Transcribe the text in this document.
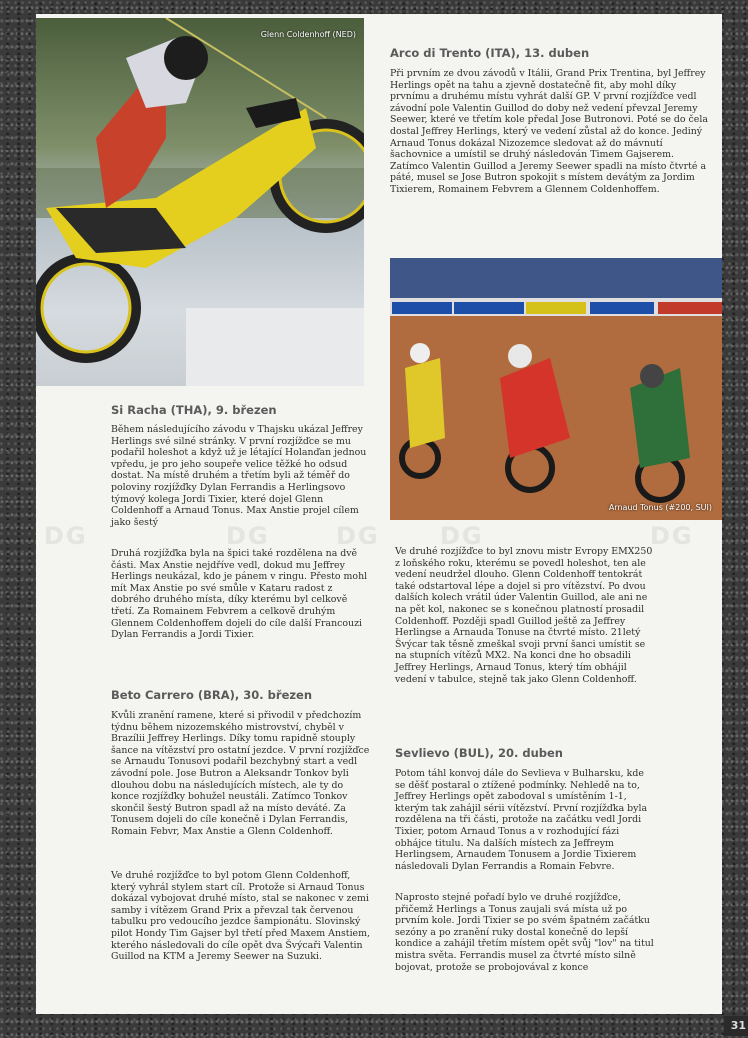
Glenn Coldenhoff (NED)
Arnaud Tonus (#200, SUI)
DG	DG	DG	DG	DG
Arco di Trento (ITA), 13. duben

Při prvním ze dvou závodů v Itálii, Grand Prix Trentina, byl Jeffrey Herlings opět na tahu a zjevně dostatečně fit, aby mohl díky prvnímu a druhému místu vyhrát další GP. V první rozjížďce vedl závodní pole Valentin Guillod do doby než vedení převzal Jeremy Seewer, které ve třetím kole předal Jose Butronovi. Poté se do čela dostal Jeffrey Herlings, který ve vedení zůstal až do konce. Jediný Arnaud Tonus dokázal Nizozemce sledovat až do mávnutí šachovnice a umístil se druhý následován Timem Gajserem. Zatímco Valentin Guillod a Jeremy Seewer spadli na místo čtvrté a páté, musel se Jose Butron spokojit s místem devátým za Jordim Tixierem, Romainem Febvrem a Glennem Coldenhoffem.

Si Racha (THA), 9. březen

Během následujícího závodu v Thajsku ukázal Jeffrey Herlings své silné stránky. V první rozjížďce se mu podařil holeshot a když už je létající Holanďan jednou vpředu, je pro jeho soupeře velice těžké ho odsud dostat. Na místě druhém a třetím byli až téměř do poloviny rozjížďky Dylan Ferrandis a Herlingsovo týmový kolega Jordi Tixier, které dojel Glenn Coldenhoff a Arnaud Tonus. Max Anstie projel cílem jako šestý

Druhá rozjížďka byla na špici také rozdělena na dvě části. Max Anstie nejdříve vedl, dokud mu Jeffrey Herlings neukázal, kdo je pánem v ringu. Přesto mohl mít Max Anstie po své smůle v Kataru radost z dobrého druhého místa, díky kterému byl celkově třetí. Za Romainem Febvrem a celkově druhým Glennem Coldenhoffem dojeli do cíle další Francouzi Dylan Ferrandis a Jordi Tixier.

Beto Carrero (BRA), 30. březen

Kvůli zranění ramene, které si přivodil v předchozím týdnu během nizozemského mistrovství, chyběl v Brazílii Jeffrey Herlings. Díky tomu rapidně stouply šance na vítězství pro ostatní jezdce. V první rozjížďce se Arnaudu Tonusovi podařil bezchybný start a vedl závodní pole. Jose Butron a Aleksandr Tonkov byli dlouhou dobu na následujících místech, ale ty do konce rozjížďky bohužel neustáli. Zatímco Tonkov skončil šestý Butron spadl až na místo deváté. Za Tonusem dojeli do cíle konečně i Dylan Ferrandis, Romain Febvr, Max Anstie a Glenn Coldenhoff.

Ve druhé rozjížďce to byl potom Glenn Coldenhoff, který vyhrál stylem start cíl. Protože si Arnaud Tonus dokázal vybojovat druhé místo, stal se nakonec v zemi samby i vítězem Grand Prix a převzal tak červenou tabulku pro vedoucího jezdce šampionátu. Slovinský pilot Hondy Tim Gajser byl třetí před Maxem Anstiem, kterého následovali do cíle opět dva Švýcaři Valentin Guillod na KTM a Jeremy Seewer na Suzuki.

Ve druhé rozjížďce to byl znovu mistr Evropy EMX250 z loňského roku, kterému se povedl holeshot, ten ale vedení neudržel dlouho. Glenn Coldenhoff tentokrát také odstartoval lépe a dojel si pro vítězství. Po dvou dalších kolech vrátil úder Valentin Guillod, ale ani ne na pět kol, nakonec se s konečnou platností prosadil Coldenhoff. Později spadl Guillod ještě za Jeffrey Herlingse a Arnauda Tonuse na čtvrté místo. 21letý Švýcar tak těsně zmeškal svoji první šanci umístit se na stupních vítězů MX2. Na konci dne ho obsadili Jeffrey Herlings, Arnaud Tonus, který tím obhájil vedení v tabulce, stejně tak jako Glenn Coldenhoff.

Sevlievo (BUL), 20. duben

Potom táhl konvoj dále do Sevlieva v Bulharsku, kde se děšť postaral o ztížené podmínky. Nehledě na to, Jeffrey Herlings opět zabodoval s umístěním 1-1, kterým tak zahájil sérii vítězství. První rozjížďka byla rozdělena na tři části, protože na začátku vedl Jordi Tixier, potom Arnaud Tonus a v rozhodující fázi obhájce titulu. Na dalších místech za Jeffreym Herlingsem, Arnaudem Tonusem a Jordie Tixierem následovali Dylan Ferrandis a Romain Febvre.

Naprosto stejné pořadí bylo ve druhé rozjížďce, přičemž Herlings a Tonus zaujali svá místa už po prvním kole. Jordi Tixier se po svém špatném začátku sezóny a po zranění ruky dostal konečně do lepší kondice a zahájil třetím místem opět svůj "lov" na titul mistra světa. Ferrandis musel za čtvrté místo silně bojovat, protože se probojovával z konce

31
